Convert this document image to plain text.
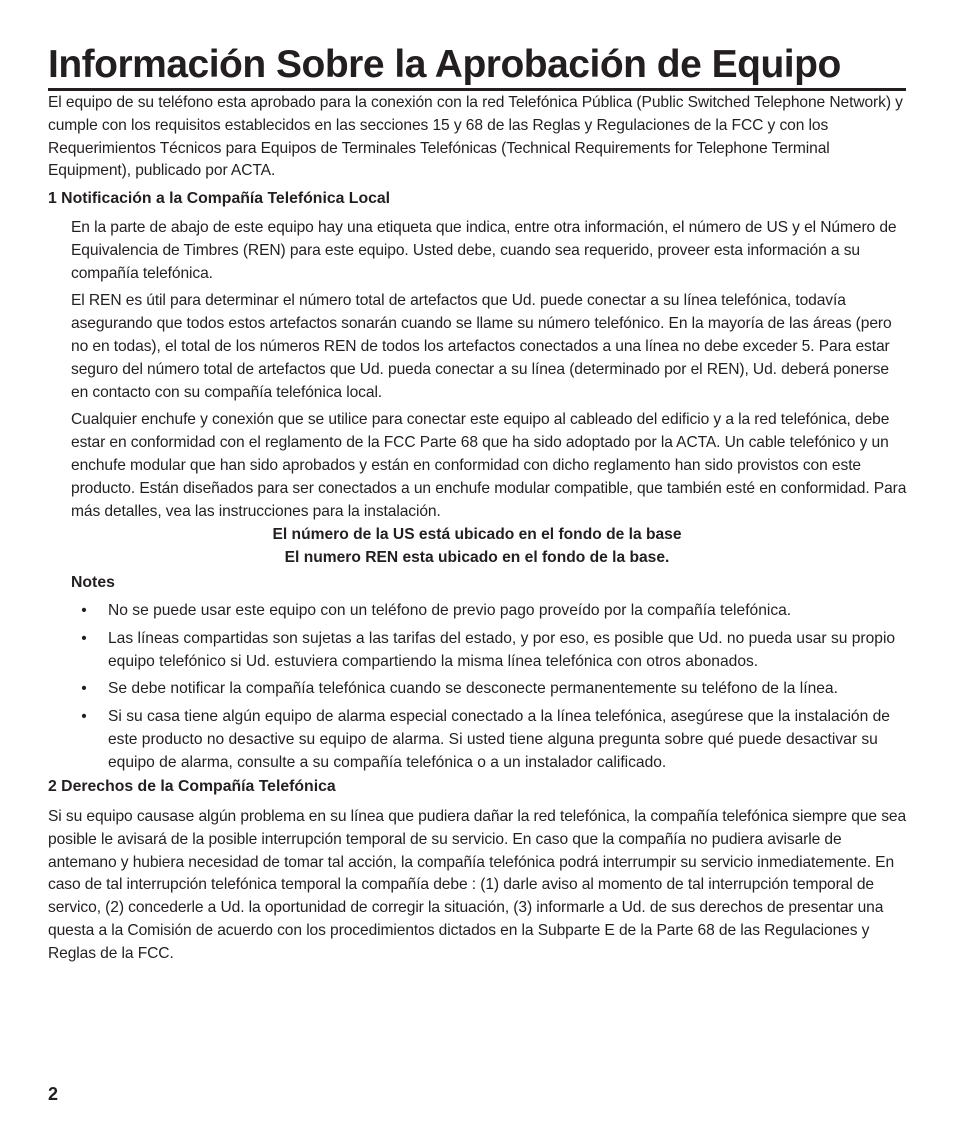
Información Sobre la Aprobación de Equipo

El equipo de su teléfono esta aprobado para la conexión con la red Telefónica Pública (Public Switched Telephone Network) y cumple con los requisitos establecidos en las secciones 15 y 68 de las Reglas y Regulaciones de la FCC y con los Requerimientos Técnicos para Equipos de Terminales Telefónicas (Technical Requirements for Telephone Terminal Equipment), publicado por ACTA.

1 Notificación a la Compañía Telefónica Local

En la parte de abajo de este equipo hay una etiqueta que indica, entre otra información, el número de US y el Número de Equivalencia de Timbres (REN) para este equipo. Usted debe, cuando sea requerido, proveer esta información a su compañía telefónica.

El REN es útil para determinar el número total de artefactos que Ud. puede conectar a su línea telefónica, todavía asegurando que todos estos artefactos sonarán cuando se llame su número telefónico. En la mayoría de las áreas (pero no en todas), el total de los números REN de todos los artefactos conectados a una línea no debe exceder 5. Para estar seguro del número total de artefactos que Ud. pueda conectar a su línea (determinado por el REN), Ud. deberá ponerse en contacto con su compañía telefónica local.

Cualquier enchufe y conexión que se utilice para conectar este equipo al cableado del edificio y a la red telefónica, debe estar en conformidad con el reglamento de la FCC Parte 68 que ha sido adoptado por la ACTA. Un cable telefónico y un enchufe modular que han sido aprobados y están en conformidad con dicho reglamento han sido provistos con este producto. Están diseñados para ser conectados a un enchufe modular compatible, que también esté en conformidad. Para más detalles, vea las instrucciones para la instalación.

El número de la US está ubicado en el fondo de la base
El numero REN esta ubicado en el fondo de la base.
Notes
• No se puede usar este equipo con un teléfono de previo pago proveído por la compañía telefónica.
• Las líneas compartidas son sujetas a las tarifas del estado, y por eso, es posible que Ud. no pueda usar su propio equipo telefónico si Ud. estuviera compartiendo la misma línea telefónica con otros abonados.
• Se debe notificar la compañía telefónica cuando se desconecte permanentemente su teléfono de la línea.
• Si su casa tiene algún equipo de alarma especial conectado a la línea telefónica, asegúrese que la instalación de este producto no desactive su equipo de alarma. Si usted tiene alguna pregunta sobre qué puede desactivar su equipo de alarma, consulte a su compañía telefónica o a un instalador calificado.
2 Derechos de la Compañía Telefónica

Si su equipo causase algún problema en su línea que pudiera dañar la red telefónica, la compañía telefónica siempre que sea posible le avisará de la posible interrupción temporal de su servicio. En caso que la compañía no pudiera avisarle de antemano y hubiera necesidad de tomar tal acción, la compañía telefónica podrá interrumpir su servicio inmediatemente. En caso de tal interrupción telefónica temporal la compañía debe : (1) darle aviso al momento de tal interrupción temporal de servico, (2) concederle a Ud. la oportunidad de corregir la situación, (3) informarle a Ud. de sus derechos de presentar una questa a la Comisión de acuerdo con los procedimientos dictados en la Subparte E de la Parte 68 de las Regulaciones y Reglas de la FCC.

2
